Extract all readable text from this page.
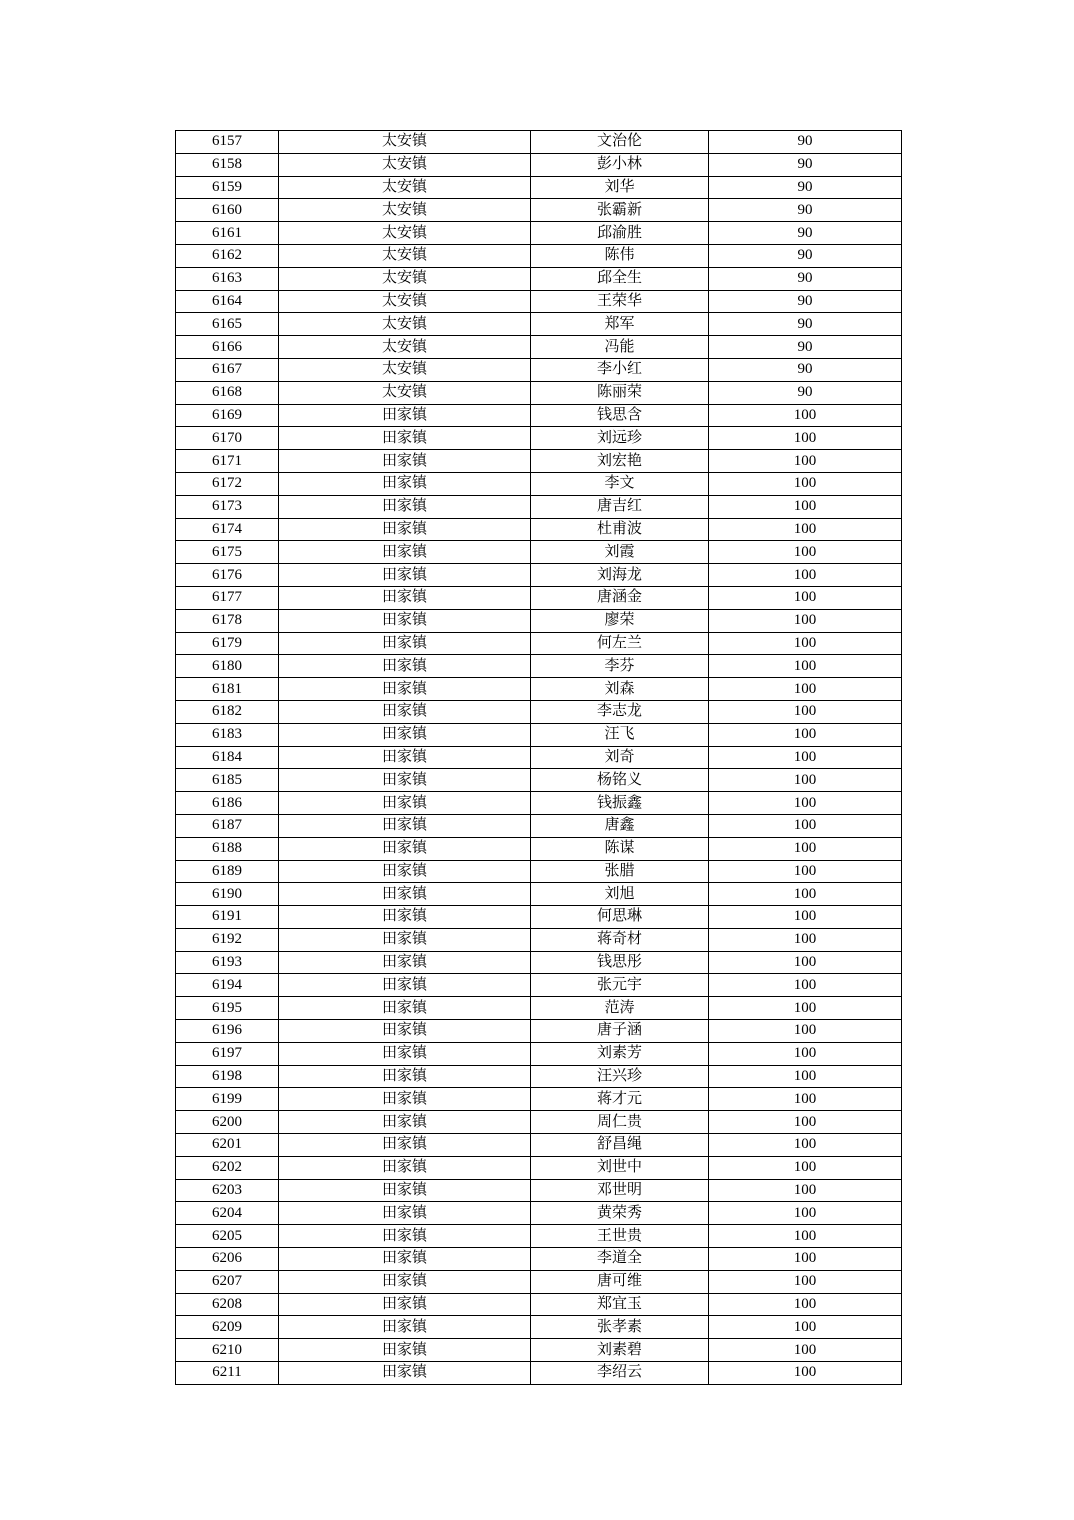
6157	太安镇	文治伦	90
6158	太安镇	彭小林	90
6159	太安镇	刘华	90
6160	太安镇	张霸新	90
6161	太安镇	邱渝胜	90
6162	太安镇	陈伟	90
6163	太安镇	邱全生	90
6164	太安镇	王荣华	90
6165	太安镇	郑军	90
6166	太安镇	冯能	90
6167	太安镇	李小红	90
6168	太安镇	陈丽荣	90
6169	田家镇	钱思含	100
6170	田家镇	刘远珍	100
6171	田家镇	刘宏艳	100
6172	田家镇	李文	100
6173	田家镇	唐吉红	100
6174	田家镇	杜甫波	100
6175	田家镇	刘霞	100
6176	田家镇	刘海龙	100
6177	田家镇	唐涵金	100
6178	田家镇	廖荣	100
6179	田家镇	何左兰	100
6180	田家镇	李芬	100
6181	田家镇	刘森	100
6182	田家镇	李志龙	100
6183	田家镇	汪飞	100
6184	田家镇	刘奇	100
6185	田家镇	杨铭义	100
6186	田家镇	钱振鑫	100
6187	田家镇	唐鑫	100
6188	田家镇	陈谋	100
6189	田家镇	张腊	100
6190	田家镇	刘旭	100
6191	田家镇	何思琳	100
6192	田家镇	蒋奇材	100
6193	田家镇	钱思彤	100
6194	田家镇	张元宇	100
6195	田家镇	范涛	100
6196	田家镇	唐子涵	100
6197	田家镇	刘素芳	100
6198	田家镇	汪兴珍	100
6199	田家镇	蒋才元	100
6200	田家镇	周仁贵	100
6201	田家镇	舒昌绳	100
6202	田家镇	刘世中	100
6203	田家镇	邓世明	100
6204	田家镇	黄荣秀	100
6205	田家镇	王世贵	100
6206	田家镇	李道全	100
6207	田家镇	唐可维	100
6208	田家镇	郑宜玉	100
6209	田家镇	张孝素	100
6210	田家镇	刘素碧	100
6211	田家镇	李绍云	100
